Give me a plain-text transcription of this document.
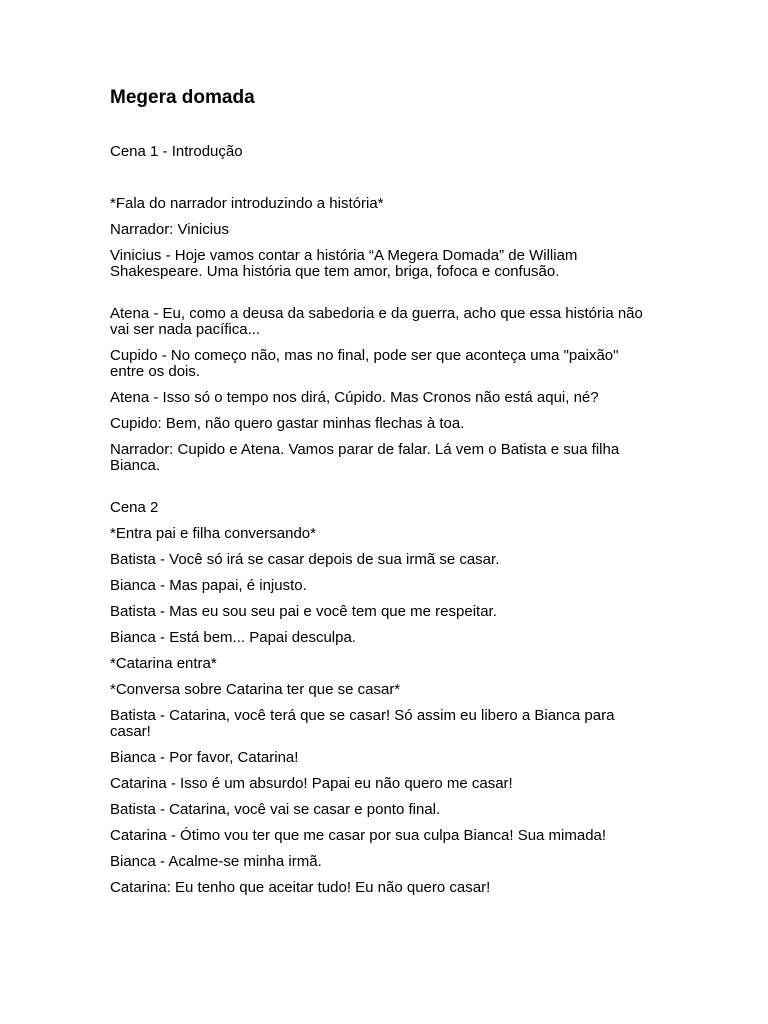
Megera domada
Cena 1 - Introdução
*Fala do narrador introduzindo a história*
Narrador: Vinicius
Vinicius - Hoje vamos contar a história “A Megera Domada” de William Shakespeare. Uma história que tem amor, briga, fofoca e confusão.
Atena - Eu, como a deusa da sabedoria e da guerra, acho que essa história não vai ser nada pacífica...
Cupido - No começo não, mas no final, pode ser que aconteça uma "paixão" entre os dois.
Atena - Isso só o tempo nos dirá, Cúpido. Mas Cronos não está aqui, né?
Cupido: Bem, não quero gastar minhas flechas à toa.
Narrador: Cupido e Atena. Vamos parar de falar. Lá vem o Batista e sua filha Bianca.
Cena 2
*Entra pai e filha conversando*
Batista - Você só irá se casar depois de sua irmã se casar.
Bianca - Mas papai, é injusto.
Batista - Mas eu sou seu pai e você tem que me respeitar.
Bianca - Está bem... Papai desculpa.
*Catarina entra*
*Conversa sobre Catarina ter que se casar*
Batista - Catarina, você terá que se casar! Só assim eu libero a Bianca para casar!
Bianca - Por favor, Catarina!
Catarina - Isso é um absurdo! Papai eu não quero me casar!
Batista - Catarina, você vai se casar e ponto final.
Catarina - Ótimo vou ter que me casar por sua culpa Bianca! Sua mimada!
Bianca - Acalme-se minha irmã.
Catarina: Eu tenho que aceitar tudo! Eu não quero casar!
